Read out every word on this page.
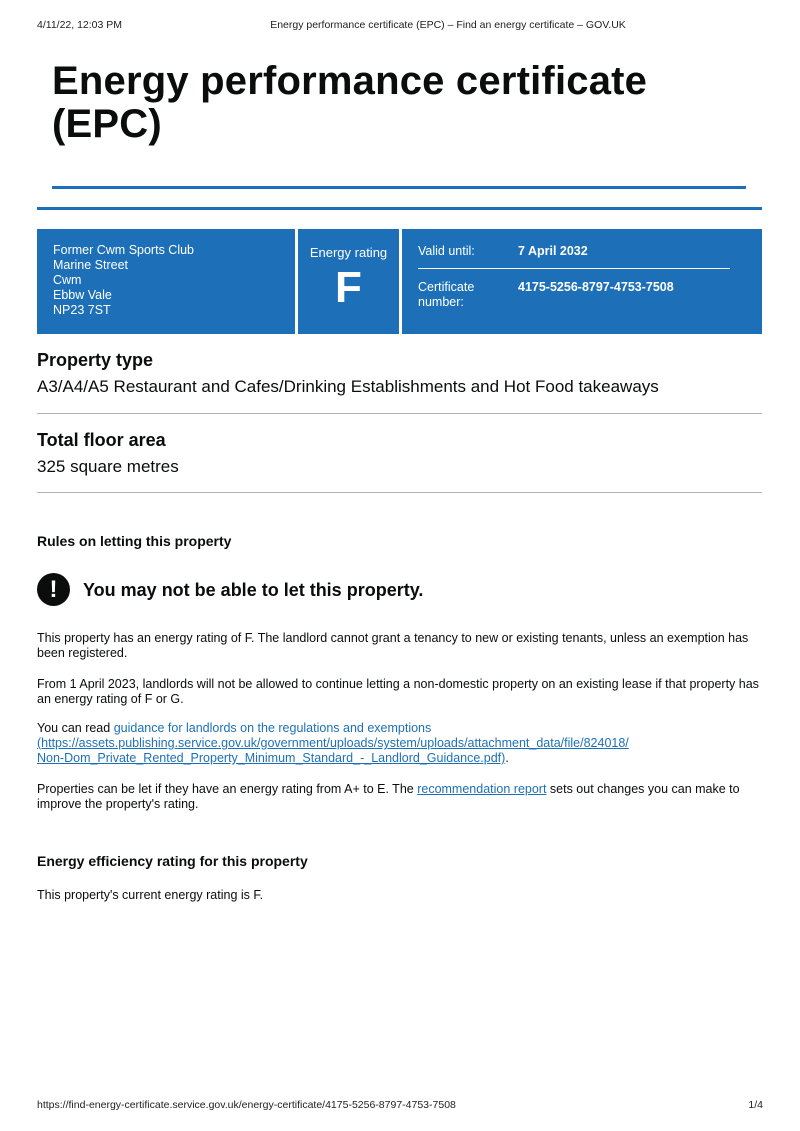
4/11/22, 12:03 PM	Energy performance certificate (EPC) – Find an energy certificate – GOV.UK
Energy performance certificate (EPC)
Former Cwm Sports Club
Marine Street
Cwm
Ebbw Vale
NP23 7ST
Energy rating
F
Valid until:	7 April 2032
Certificate number:
4175-5256-8797-4753-7508
Property type
A3/A4/A5 Restaurant and Cafes/Drinking Establishments and Hot Food takeaways
Total floor area
325 square metres
Rules on letting this property
!	You may not be able to let this property.

This property has an energy rating of F. The landlord cannot grant a tenancy to new or existing tenants, unless an exemption has been registered.

From 1 April 2023, landlords will not be allowed to continue letting a non-domestic property on an existing lease if that property has an energy rating of F or G.

You can read guidance for landlords on the regulations and exemptions
(https://assets.publishing.service.gov.uk/government/uploads/system/uploads/attachment_data/file/824018/Non-Dom_Private_Rented_Property_Minimum_Standard_-_Landlord_Guidance.pdf).

Properties can be let if they have an energy rating from A+ to E. The recommendation report sets out changes you can make to improve the property's rating.

Energy efficiency rating for this property

This property's current energy rating is F.

https://find-energy-certificate.service.gov.uk/energy-certificate/4175-5256-8797-4753-7508	1/4
